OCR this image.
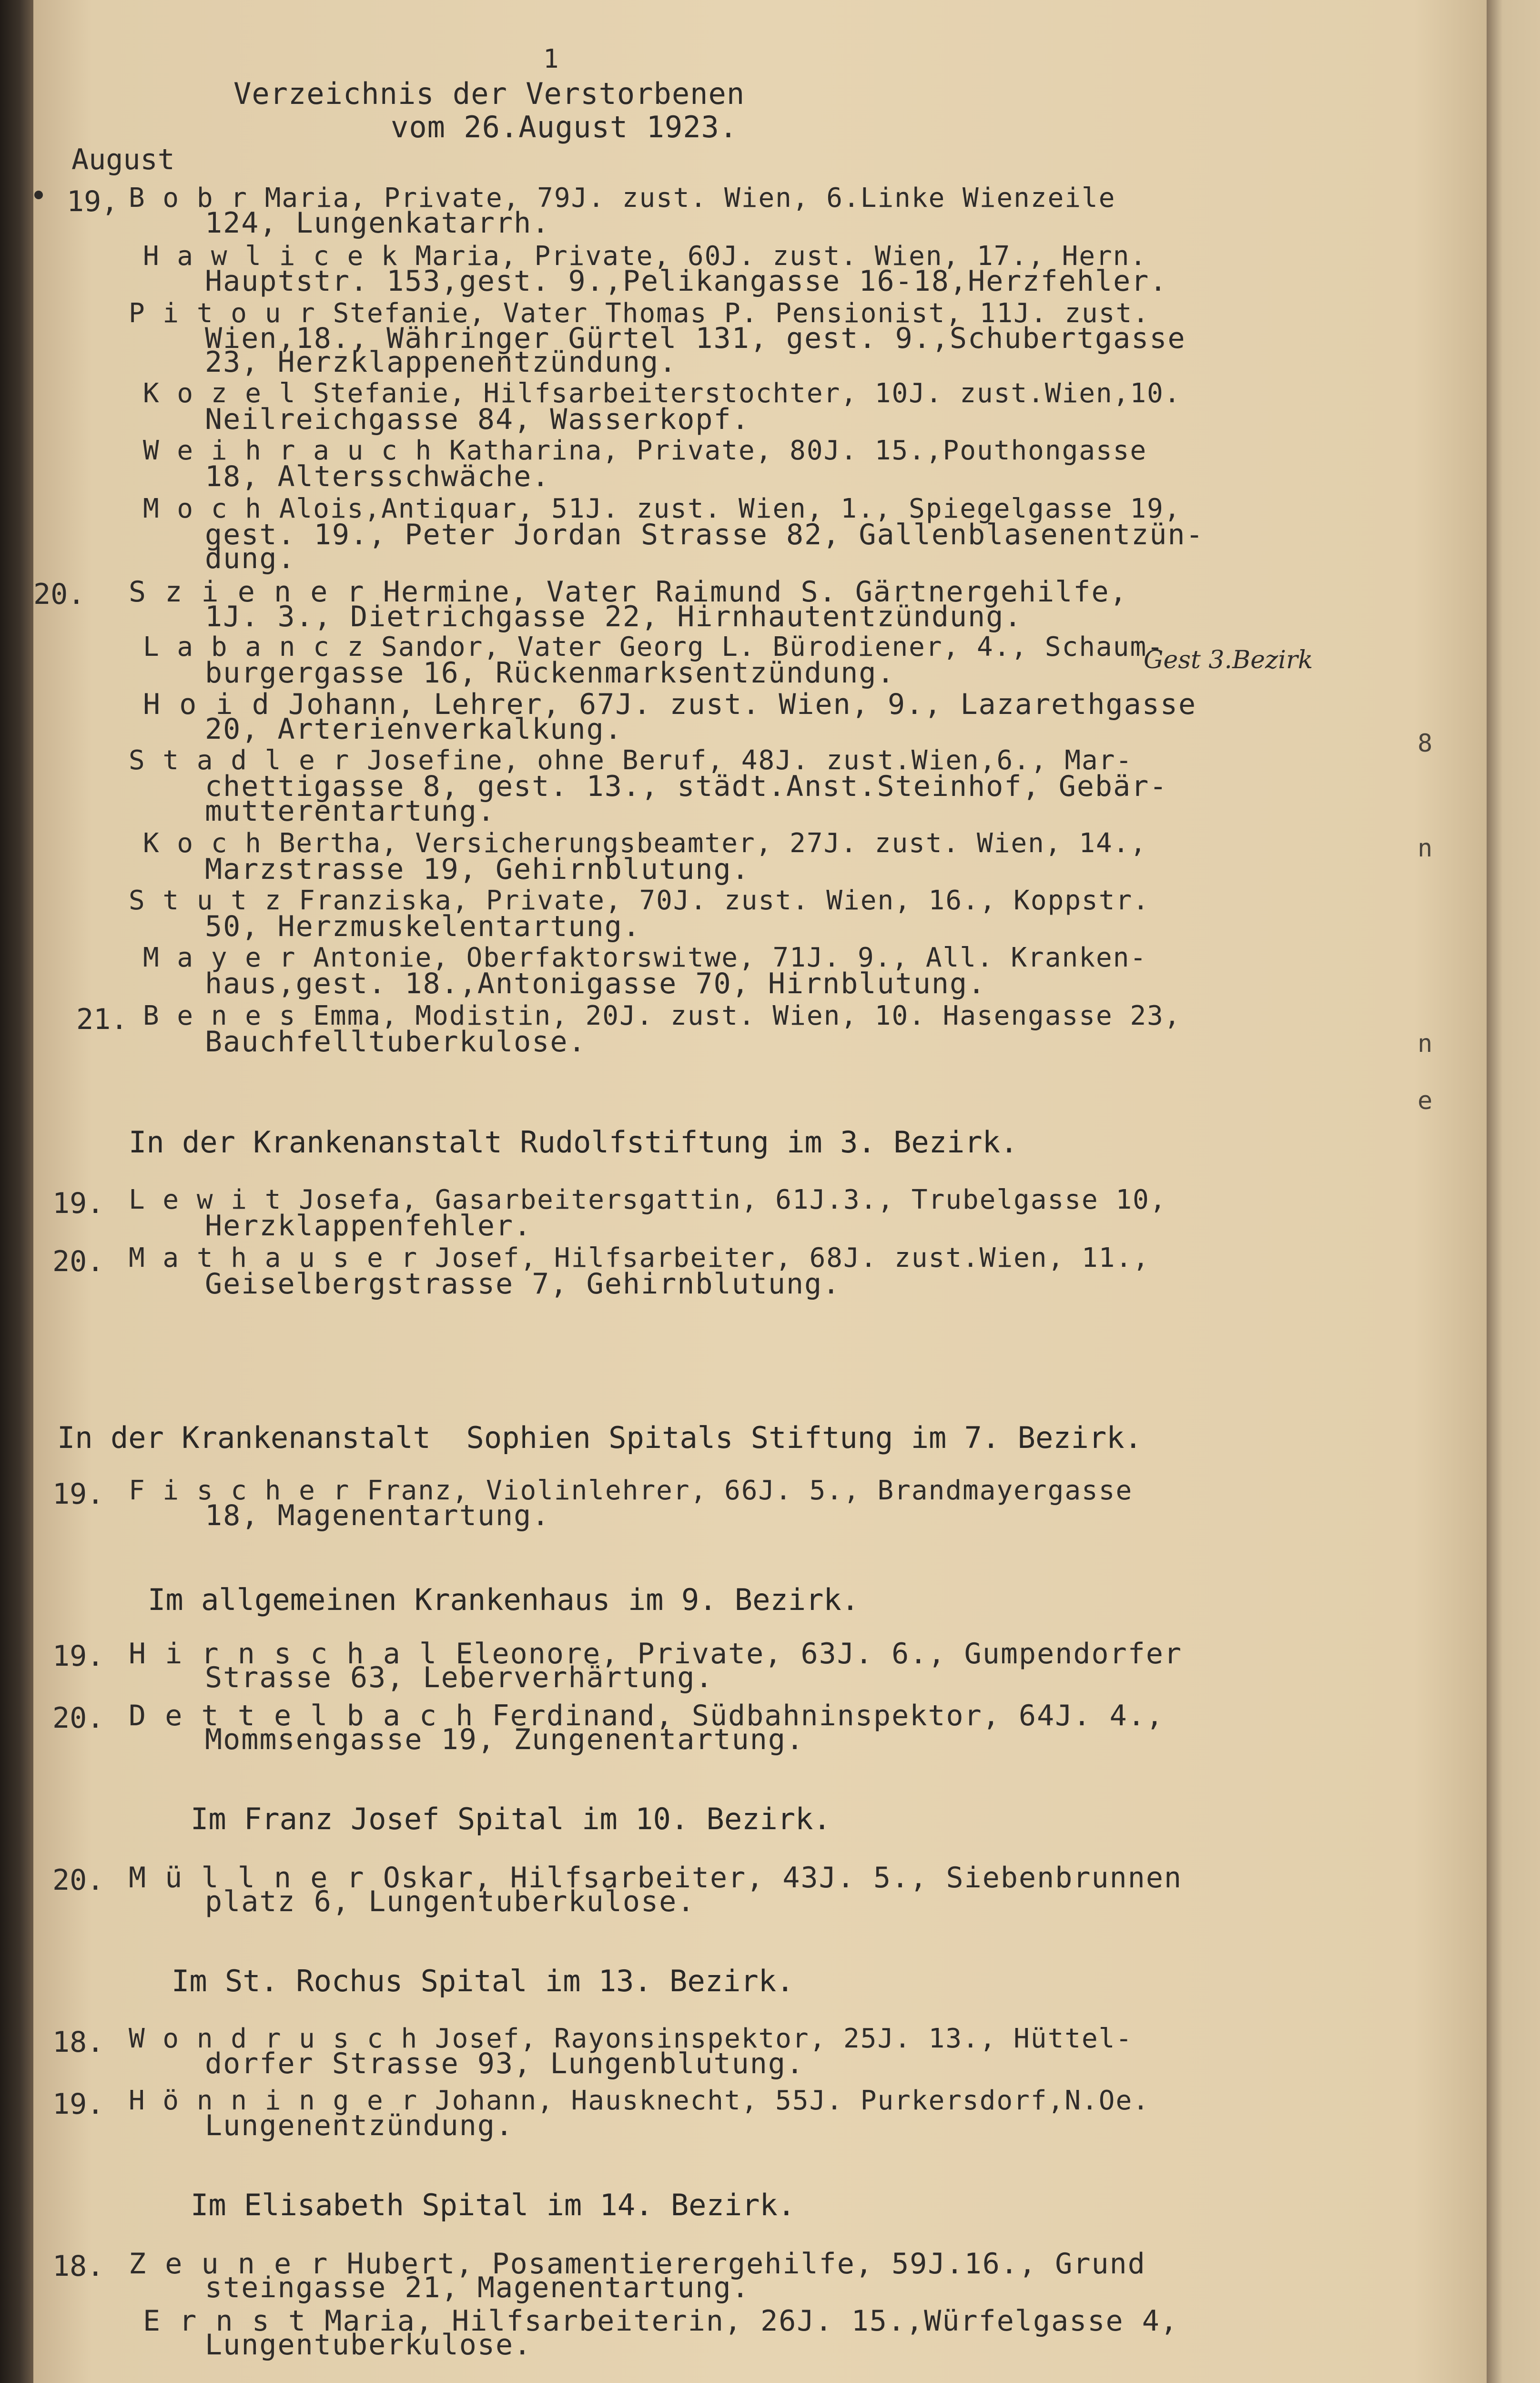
1
Verzeichnis der Verstorbenen
vom 26.August 1923.
August
B o b r Maria, Private, 79J. zust. Wien, 6.Linke Wienzeile
124, Lungenkatarrh.
H a w l i c e k Maria, Private, 60J. zust. Wien, 17., Hern.
Hauptstr. 153,gest. 9.,Pelikangasse 16-18,Herzfehler.
P i t o u r Stefanie, Vater Thomas P. Pensionist, 11J. zust.
Wien,18., Währinger Gürtel 131, gest. 9.,Schubertgasse
23, Herzklappenentzündung.
K o z e l Stefanie, Hilfsarbeiterstochter, 10J. zust.Wien,10.
Neilreichgasse 84, Wasserkopf.
W e i h r a u c h Katharina, Private, 80J. 15.,Pouthongasse
18, Altersschwäche.
M o c h Alois,Antiquar, 51J. zust. Wien, 1., Spiegelgasse 19,
gest. 19., Peter Jordan Strasse 82, Gallenblasenentzün-
dung.
S z i e n e r Hermine, Vater Raimund S. Gärtnergehilfe,
1J. 3., Dietrichgasse 22, Hirnhautentzündung.
L a b a n c z Sandor, Vater Georg L. Bürodiener, 4., Schaum-
burgergasse 16, Rückenmarksentzündung.
H o i d Johann, Lehrer, 67J. zust. Wien, 9., Lazarethgasse
20, Arterienverkalkung.
S t a d l e r Josefine, ohne Beruf, 48J. zust.Wien,6., Mar-
chettigasse 8, gest. 13., städt.Anst.Steinhof, Gebär-
mutterentartung.
K o c h Bertha, Versicherungsbeamter, 27J. zust. Wien, 14.,
Marzstrasse 19, Gehirnblutung.
S t u t z Franziska, Private, 70J. zust. Wien, 16., Koppstr.
50, Herzmuskelentartung.
M a y e r Antonie, Oberfaktorswitwe, 71J. 9., All. Kranken-
haus,gest. 18.,Antonigasse 70, Hirnblutung.
B e n e s Emma, Modistin, 20J. zust. Wien, 10. Hasengasse 23,
Bauchfelltuberkulose.
L e w i t Josefa, Gasarbeitersgattin, 61J.3., Trubelgasse 10,
Herzklappenfehler.
M a t h a u s e r Josef, Hilfsarbeiter, 68J. zust.Wien, 11.,
Geiselbergstrasse 7, Gehirnblutung.
F i s c h e r Franz, Violinlehrer, 66J. 5., Brandmayergasse
18, Magenentartung.
H i r n s c h a l Eleonore, Private, 63J. 6., Gumpendorfer
Strasse 63, Leberverhärtung.
D e t t e l b a c h Ferdinand, Südbahninspektor, 64J. 4.,
Mommsengasse 19, Zungenentartung.
M ü l l n e r Oskar, Hilfsarbeiter, 43J. 5., Siebenbrunnen
platz 6, Lungentuberkulose.
W o n d r u s c h Josef, Rayonsinspektor, 25J. 13., Hüttel-
dorfer Strasse 93, Lungenblutung.
H ö n n i n g e r Johann, Hausknecht, 55J. Purkersdorf,N.Oe.
Lungenentzündung.
Z e u n e r Hubert, Posamentierergehilfe, 59J.16., Grund
steingasse 21, Magenentartung.
E r n s t Maria, Hilfsarbeiterin, 26J. 15.,Würfelgasse 4,
Lungentuberkulose.
19,
20.
21.
19.
20.
19.
19.
20.
20.
18.
19.
18.
In der Krankenanstalt Rudolfstiftung im 3. Bezirk.
In der Krankenanstalt  Sophien Spitals Stiftung im 7. Bezirk.
Im allgemeinen Krankenhaus im 9. Bezirk.
Im Franz Josef Spital im 10. Bezirk.
Im St. Rochus Spital im 13. Bezirk.
Im Elisabeth Spital im 14. Bezirk.
Gest 3.Bezirk
8
n
n
e
